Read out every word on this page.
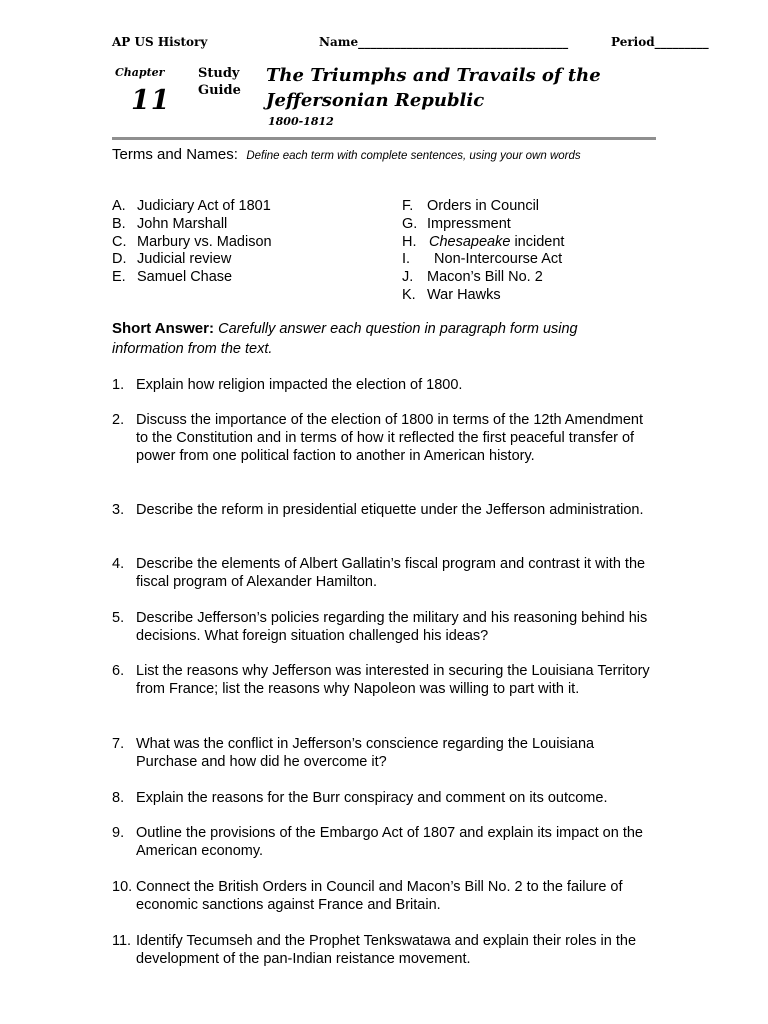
AP US History	Name___________________________________	Period_________
Chapter
11
Study
Guide
The Triumphs and Travails of the
Jeffersonian Republic
1800-1812
Terms and Names: Define each term with complete sentences, using your own words
A. Judiciary Act of 1801
B. John Marshall
C. Marbury vs. Madison
D. Judicial review
E. Samuel Chase
F. Orders in Council
G. Impressment
H. Chesapeake incident
I. Non-Intercourse Act
J. Macon’s Bill No. 2
K. War Hawks
Short Answer: Carefully answer each question in paragraph form using information from the text.
1. Explain how religion impacted the election of 1800.
2. Discuss the importance of the election of 1800 in terms of the 12th Amendment to the Constitution and in terms of how it reflected the first peaceful transfer of power from one political faction to another in American history.
3. Describe the reform in presidential etiquette under the Jefferson administration.
4. Describe the elements of Albert Gallatin’s fiscal program and contrast it with the fiscal program of Alexander Hamilton.
5. Describe Jefferson’s policies regarding the military and his reasoning behind his decisions. What foreign situation challenged his ideas?
6. List the reasons why Jefferson was interested in securing the Louisiana Territory from France; list the reasons why Napoleon was willing to part with it.
7. What was the conflict in Jefferson’s conscience regarding the Louisiana Purchase and how did he overcome it?
8. Explain the reasons for the Burr conspiracy and comment on its outcome.
9. Outline the provisions of the Embargo Act of 1807 and explain its impact on the American economy.
10. Connect the British Orders in Council and Macon’s Bill No. 2 to the failure of economic sanctions against France and Britain.
11. Identify Tecumseh and the Prophet Tenkswatawa and explain their roles in the development of the pan-Indian reistance movement.
